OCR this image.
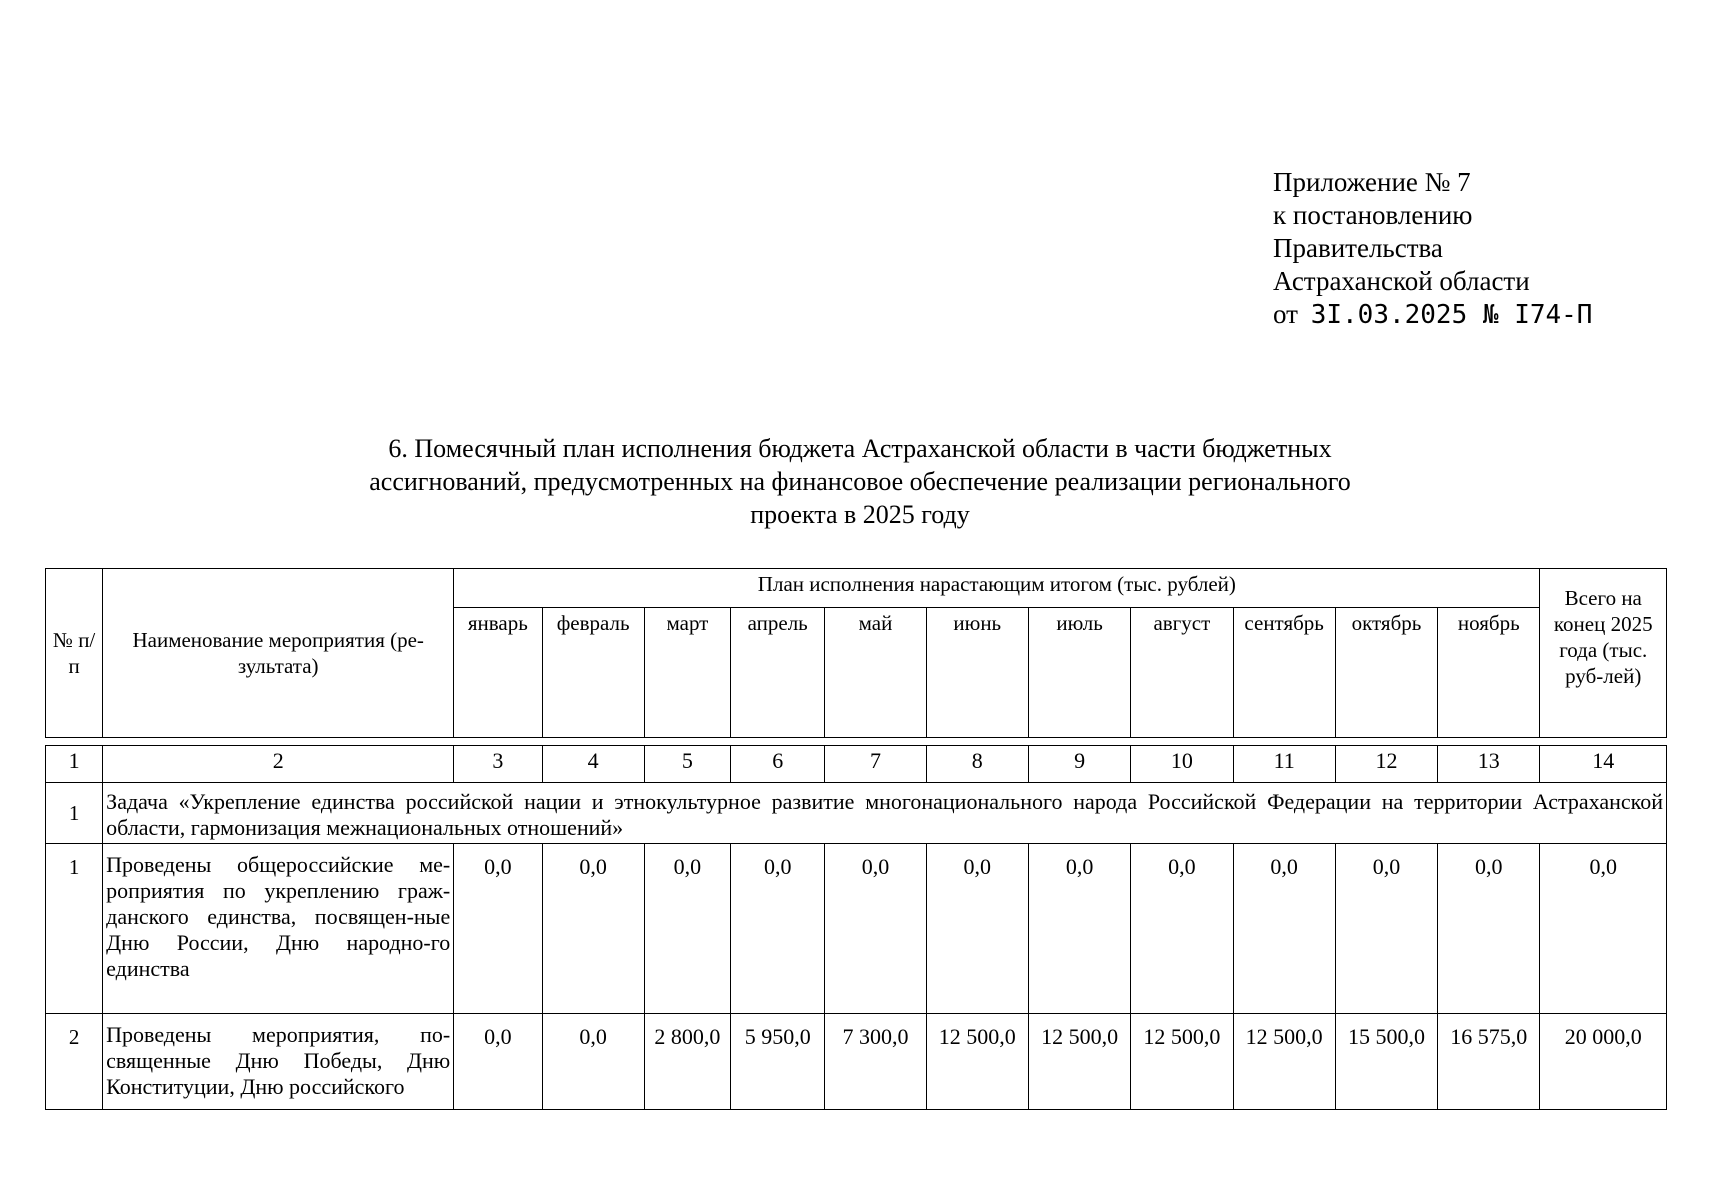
Приложение № 7
к постановлению
Правительства
Астраханской области
от 3I.03.2025 № I74-П
6. Помесячный план исполнения бюджета Астраханской области в части бюджетных
ассигнований, предусмотренных на финансовое обеспечение реализации регионального
проекта в 2025 году
№ п/п	Наименование мероприятия (ре-зультата)	План исполнения нарастающим итогом (тыс. рублей)											Всего на конец 2025 года (тыс. руб-лей)
		январь	февраль	март	апрель	май	июнь	июль	август	сентябрь	октябрь	ноябрь	

1	2	3	4	5	6	7	8	9	10	11	12	13	14
1	Задача «Укрепление единства российской нации и этнокультурное развитие многонационального народа Российской Федерации на территории Астраханской области, гармонизация межнациональных отношений»												
1	Проведены общероссийские ме-роприятия по укреплению граж-данского единства, посвящен-ные Дню России, Дню народно-го единства	0,0	0,0	0,0	0,0	0,0	0,0	0,0	0,0	0,0	0,0	0,0	0,0
2	Проведены мероприятия, по-священные Дню Победы, Дню Конституции, Дню российского	0,0	0,0	2 800,0	5 950,0	7 300,0	12 500,0	12 500,0	12 500,0	12 500,0	15 500,0	16 575,0	20 000,0
